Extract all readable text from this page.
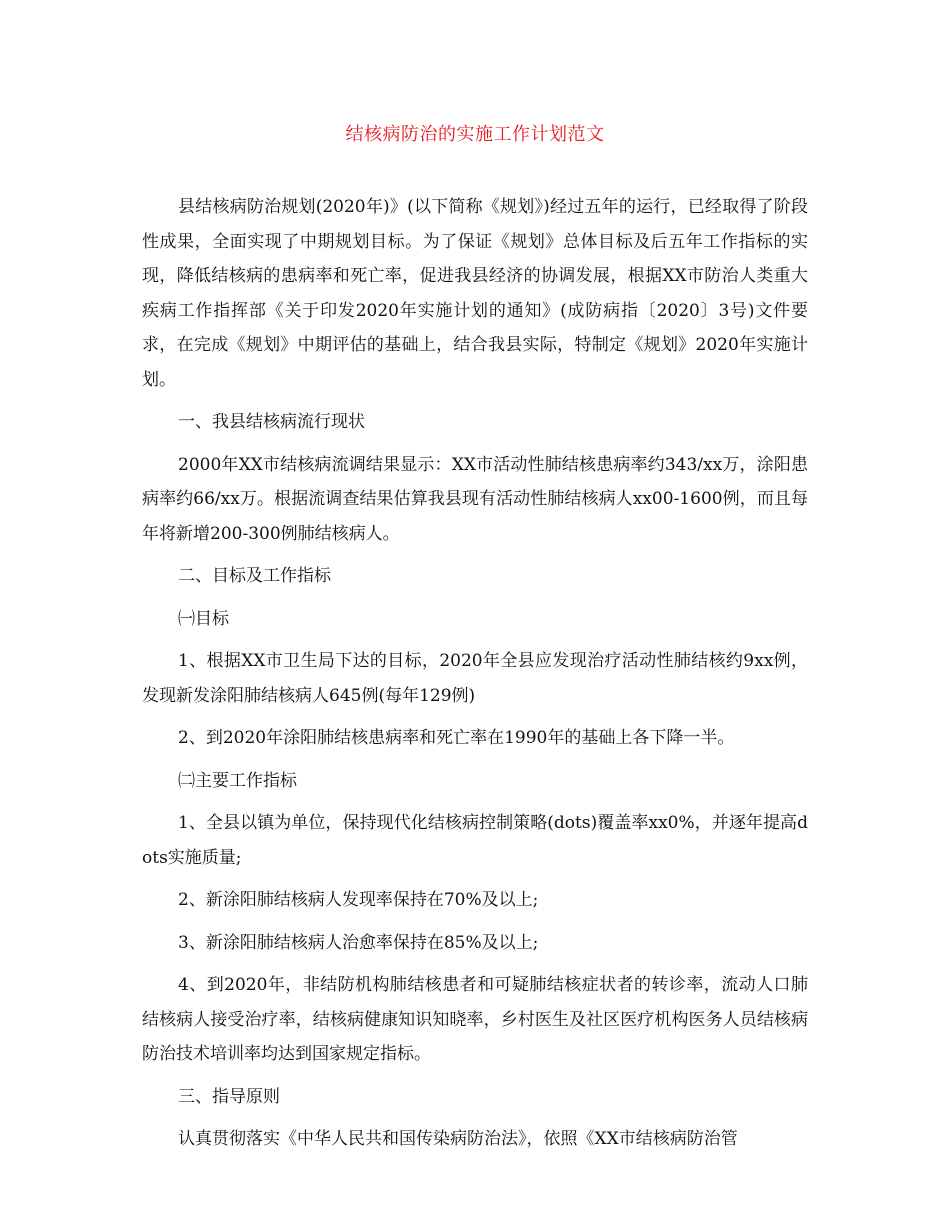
结核病防治的实施工作计划范文

县结核病防治规划(2020年)》(以下简称《规划》)经过五年的运行，已经取得了阶段性成果，全面实现了中期规划目标。为了保证《规划》总体目标及后五年工作指标的实现，降低结核病的患病率和死亡率，促进我县经济的协调发展，根据XX市防治人类重大疾病工作指挥部《关于印发2020年实施计划的通知》(成防病指〔2020〕3号)文件要求，在完成《规划》中期评估的基础上，结合我县实际，特制定《规划》2020年实施计划。

一、我县结核病流行现状

2000年XX市结核病流调结果显示：XX市活动性肺结核患病率约343/xx万，涂阳患病率约66/xx万。根据流调查结果估算我县现有活动性肺结核病人xx00-1600例，而且每年将新增200-300例肺结核病人。

二、目标及工作指标

㈠目标

1、根据XX市卫生局下达的目标，2020年全县应发现治疗活动性肺结核约9xx例，发现新发涂阳肺结核病人645例(每年129例)

2、到2020年涂阳肺结核患病率和死亡率在1990年的基础上各下降一半。

㈡主要工作指标

1、全县以镇为单位，保持现代化结核病控制策略(dots)覆盖率xx0%，并逐年提高dots实施质量;

2、新涂阳肺结核病人发现率保持在70%及以上;

3、新涂阳肺结核病人治愈率保持在85%及以上;

4、到2020年，非结防机构肺结核患者和可疑肺结核症状者的转诊率，流动人口肺结核病人接受治疗率，结核病健康知识知晓率，乡村医生及社区医疗机构医务人员结核病防治技术培训率均达到国家规定指标。

三、指导原则

认真贯彻落实《中华人民共和国传染病防治法》，依照《XX市结核病防治管
